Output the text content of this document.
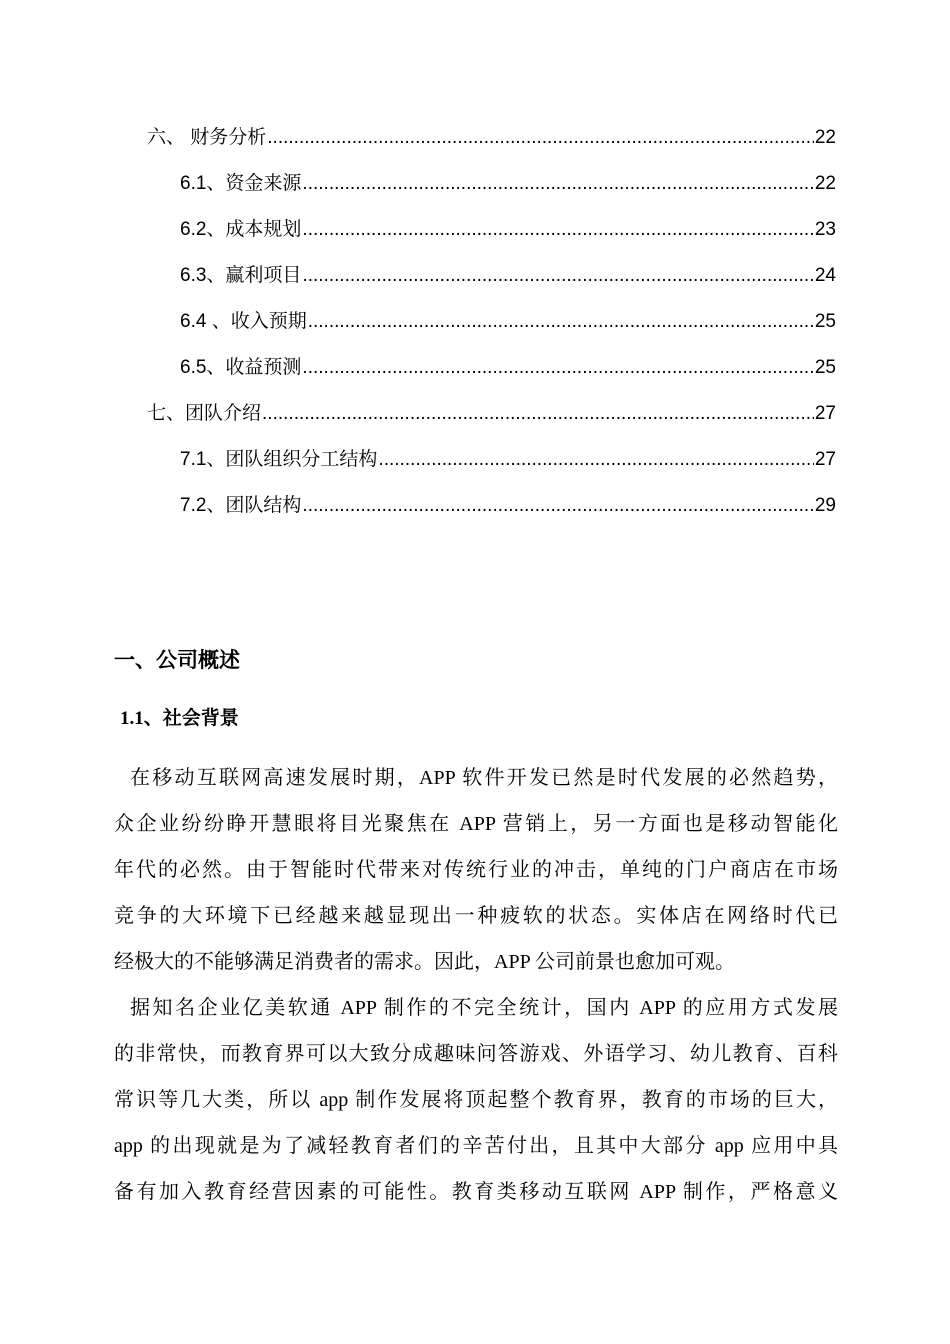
六、 财务分析 .....	22
6.1、资金来源 .....	22
6.2、成本规划 .....	23
6.3、赢利项目 .....	24
6.4 、收入预期 .....	25
6.5、收益预测 .....	25
七、团队介绍 .....	27
7.1、团队组织分工结构 .....	27
7.2、团队结构 .....	29
一、公司概述
1.1、社会背景
在移动互联网高速发展时期，APP 软件开发已然是时代发展的必然趋势，
众企业纷纷睁开慧眼将目光聚焦在 APP 营销上，另一方面也是移动智能化
年代的必然。由于智能时代带来对传统行业的冲击，单纯的门户商店在市场
竞争的大环境下已经越来越显现出一种疲软的状态。实体店在网络时代已
经极大的不能够满足消费者的需求。因此，APP 公司前景也愈加可观。
据知名企业亿美软通 APP 制作的不完全统计，国内 APP 的应用方式发展
的非常快，而教育界可以大致分成趣味问答游戏、外语学习、幼儿教育、百科
常识等几大类，所以 app 制作发展将顶起整个教育界，教育的市场的巨大，
app 的出现就是为了减轻教育者们的辛苦付出，且其中大部分 app 应用中具
备有加入教育经营因素的可能性。教育类移动互联网 APP 制作，严格意义
